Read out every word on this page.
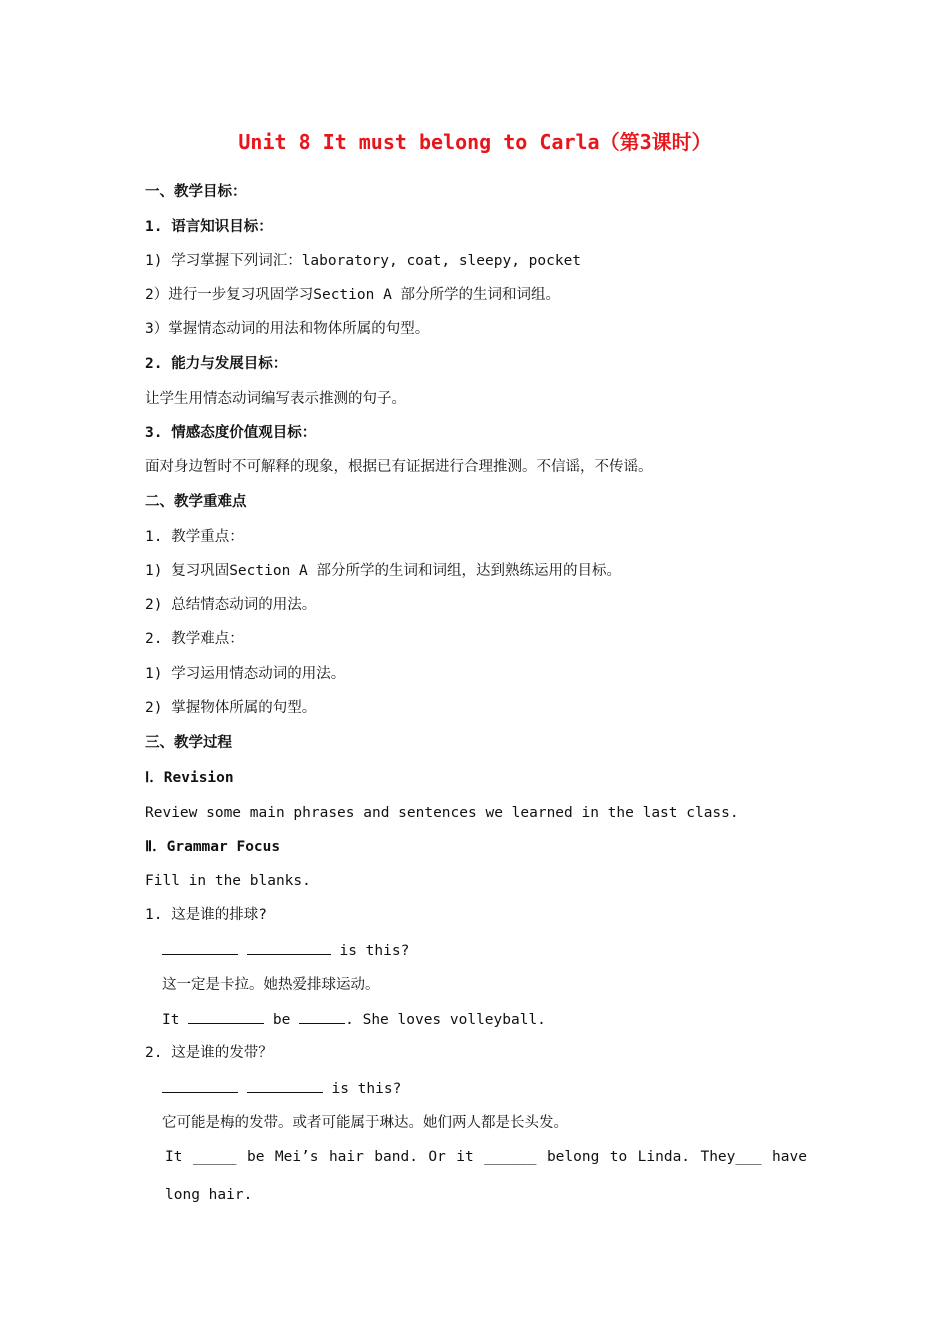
Unit 8 It must belong to Carla（第3课时）
一、教学目标：
1. 语言知识目标：
1) 学习掌握下列词汇：laboratory, coat, sleepy, pocket
2）进行一步复习巩固学习Section A 部分所学的生词和词组。
3）掌握情态动词的用法和物体所属的句型。
2. 能力与发展目标：
让学生用情态动词编写表示推测的句子。
3. 情感态度价值观目标：
面对身边暂时不可解释的现象，根据已有证据进行合理推测。不信谣，不传谣。
二、教学重难点
1. 教学重点：
1) 复习巩固Section A 部分所学的生词和词组，达到熟练运用的目标。
2) 总结情态动词的用法。
2. 教学难点：
1) 学习运用情态动词的用法。
2) 掌握物体所属的句型。
三、教学过程
Ⅰ．Revision
Review some main phrases and sentences we learned in the last class.
Ⅱ．Grammar Focus
Fill in the blanks.
1. 这是谁的排球?
is this?
这一定是卡拉。她热爱排球运动。
It	be	. She loves volleyball.
2. 这是谁的发带？
is this?
它可能是梅的发带。或者可能属于琳达。她们两人都是长头发。
It _____ be Mei’s hair band. Or it ______ belong to Linda. They___ have
long hair.
